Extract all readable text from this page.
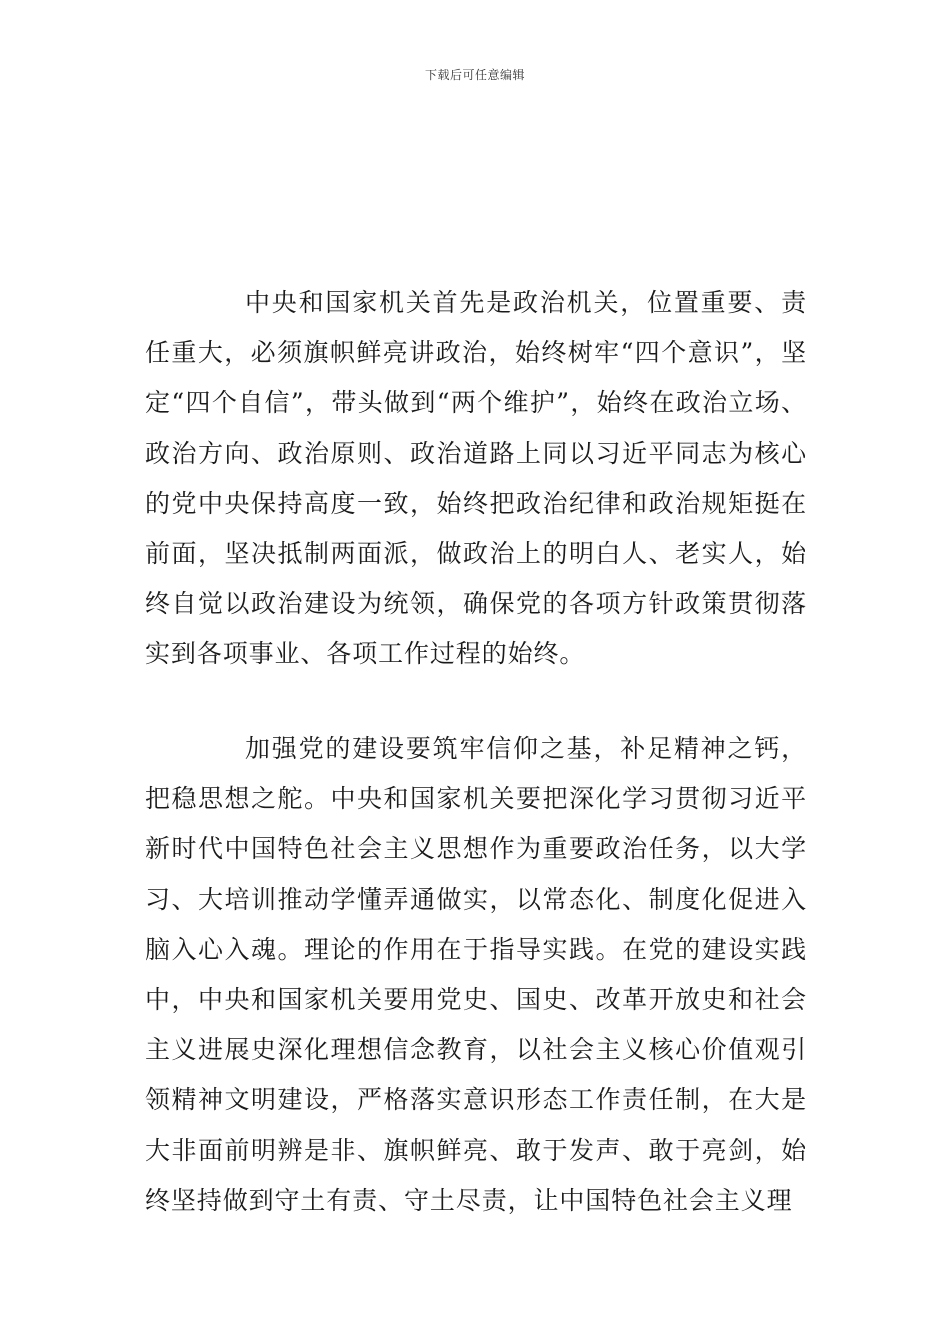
下载后可任意编辑

中央和国家机关首先是政治机关，位置重要、责任重大，必须旗帜鲜亮讲政治，始终树牢“四个意识”，坚定“四个自信”，带头做到“两个维护”，始终在政治立场、政治方向、政治原则、政治道路上同以习近平同志为核心的党中央保持高度一致，始终把政治纪律和政治规矩挺在前面，坚决抵制两面派，做政治上的明白人、老实人，始终自觉以政治建设为统领，确保党的各项方针政策贯彻落实到各项事业、各项工作过程的始终。

加强党的建设要筑牢信仰之基，补足精神之钙，把稳思想之舵。中央和国家机关要把深化学习贯彻习近平新时代中国特色社会主义思想作为重要政治任务，以大学习、大培训推动学懂弄通做实，以常态化、制度化促进入脑入心入魂。理论的作用在于指导实践。在党的建设实践中，中央和国家机关要用党史、国史、改革开放史和社会主义进展史深化理想信念教育，以社会主义核心价值观引领精神文明建设，严格落实意识形态工作责任制，在大是大非面前明辨是非、旗帜鲜亮、敢于发声、敢于亮剑，始终坚持做到守土有责、守土尽责，让中国特色社会主义理
